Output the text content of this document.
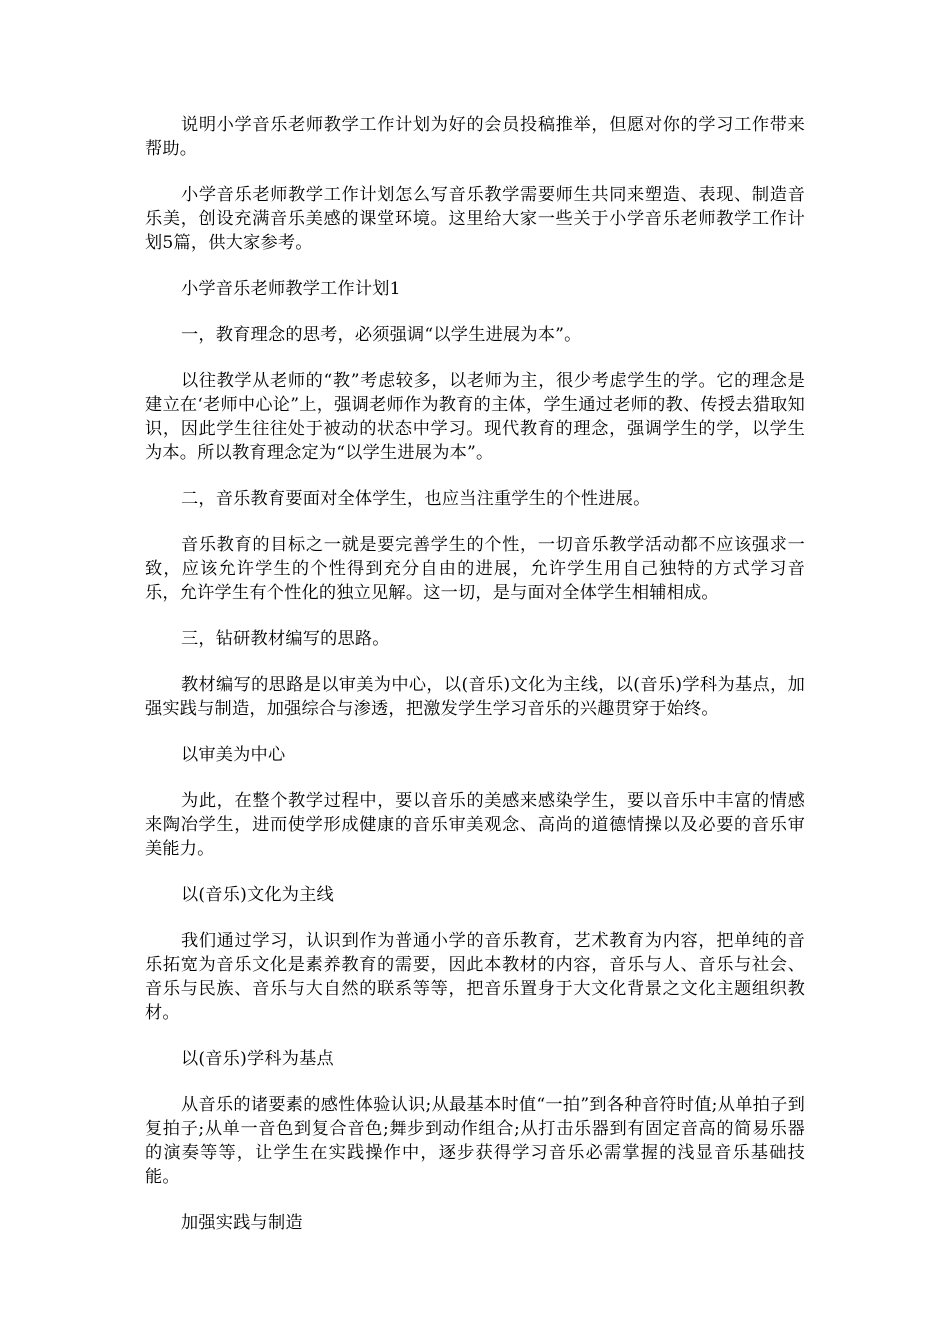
说明小学音乐老师教学工作计划为好的会员投稿推举，但愿对你的学习工作带来帮助。

小学音乐老师教学工作计划怎么写音乐教学需要师生共同来塑造、表现、制造音乐美，创设充满音乐美感的课堂环境。这里给大家一些关于小学音乐老师教学工作计划5篇，供大家参考。

小学音乐老师教学工作计划1

一，教育理念的思考，必须强调“以学生进展为本”。

以往教学从老师的“教”考虑较多，以老师为主，很少考虑学生的学。它的理念是建立在‘老师中心论”上，强调老师作为教育的主体，学生通过老师的教、传授去猎取知识，因此学生往往处于被动的状态中学习。现代教育的理念，强调学生的学，以学生为本。所以教育理念定为“以学生进展为本”。

二，音乐教育要面对全体学生，也应当注重学生的个性进展。

音乐教育的目标之一就是要完善学生的个性，一切音乐教学活动都不应该强求一致，应该允许学生的个性得到充分自由的进展，允许学生用自己独特的方式学习音乐，允许学生有个性化的独立见解。这一切，是与面对全体学生相辅相成。

三，钻研教材编写的思路。

教材编写的思路是以审美为中心，以(音乐)文化为主线，以(音乐)学科为基点，加强实践与制造，加强综合与渗透，把激发学生学习音乐的兴趣贯穿于始终。

以审美为中心

为此，在整个教学过程中，要以音乐的美感来感染学生，要以音乐中丰富的情感来陶冶学生，进而使学形成健康的音乐审美观念、高尚的道德情操以及必要的音乐审美能力。

以(音乐)文化为主线

我们通过学习，认识到作为普通小学的音乐教育，艺术教育为内容，把单纯的音乐拓宽为音乐文化是素养教育的需要，因此本教材的内容，音乐与人、音乐与社会、音乐与民族、音乐与大自然的联系等等，把音乐置身于大文化背景之文化主题组织教材。

以(音乐)学科为基点

从音乐的诸要素的感性体验认识;从最基本时值“一拍”到各种音符时值;从单拍子到复拍子;从单一音色到复合音色;舞步到动作组合;从打击乐器到有固定音高的简易乐器的演奏等等，让学生在实践操作中，逐步获得学习音乐必需掌握的浅显音乐基础技能。

加强实践与制造
